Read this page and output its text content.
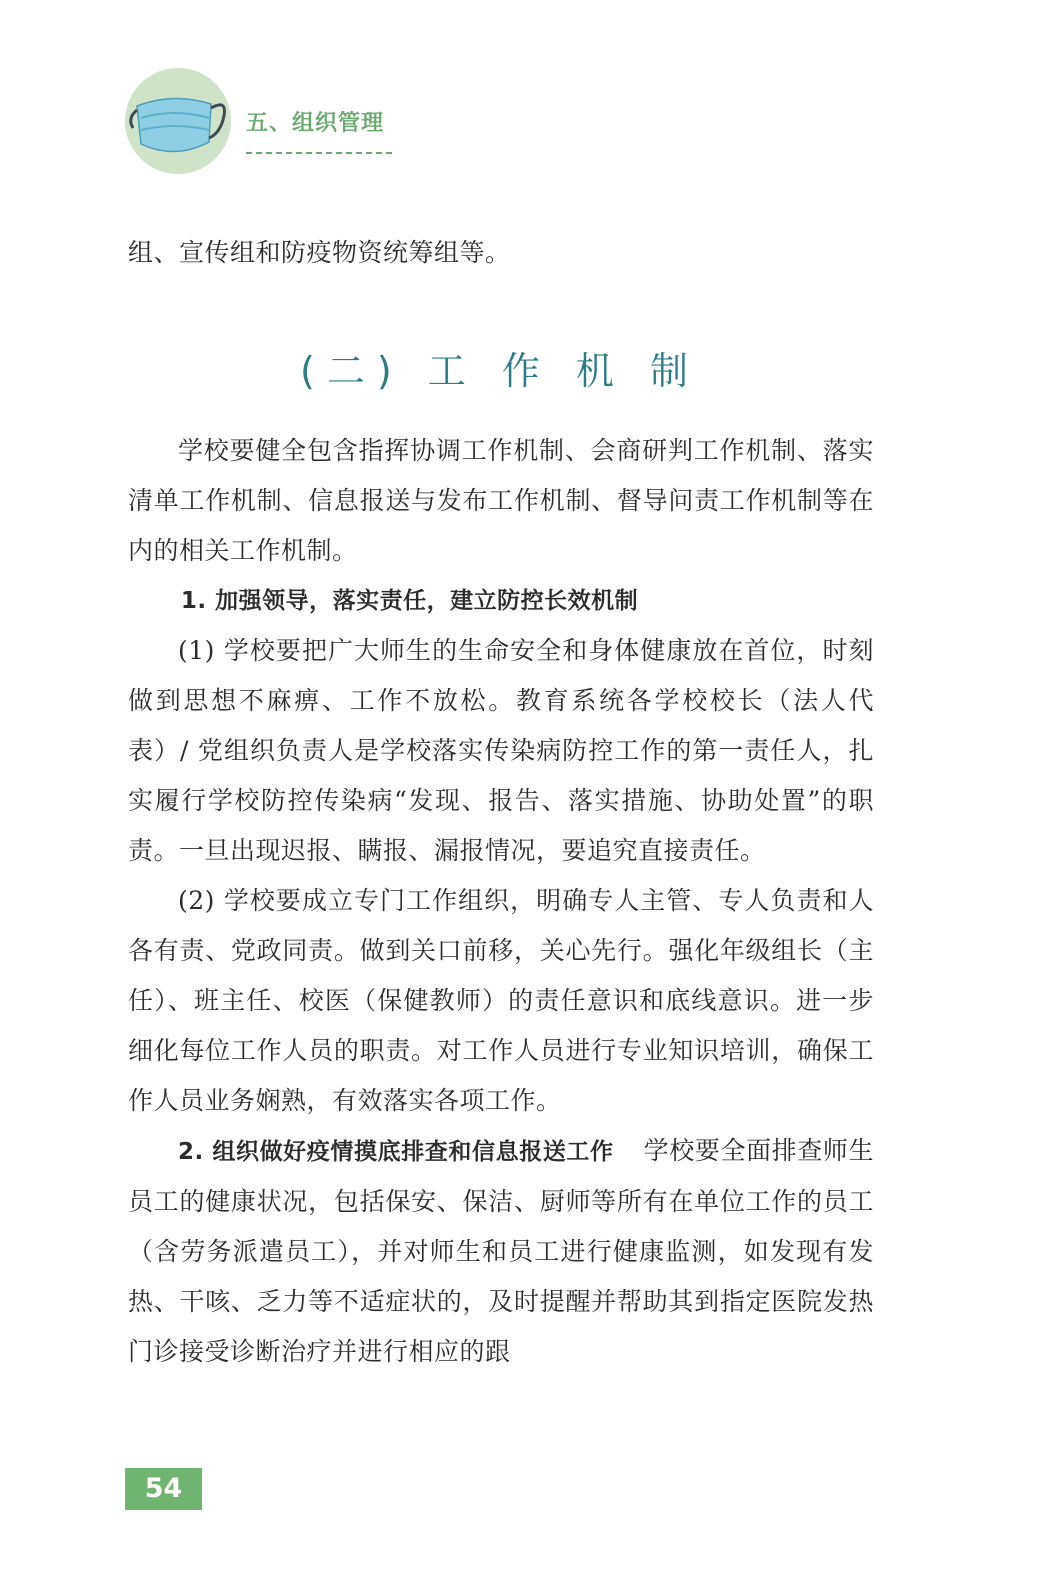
五、组织管理
组、宣传组和防疫物资统筹组等。
(二) 工 作 机 制

学校要健全包含指挥协调工作机制、会商研判工作机制、落实清单工作机制、信息报送与发布工作机制、督导问责工作机制等在内的相关工作机制。

1. 加强领导，落实责任，建立防控长效机制

(1) 学校要把广大师生的生命安全和身体健康放在首位，时刻做到思想不麻痹、工作不放松。教育系统各学校校长（法人代表）/ 党组织负责人是学校落实传染病防控工作的第一责任人，扎实履行学校防控传染病“发现、报告、落实措施、协助处置”的职责。一旦出现迟报、瞒报、漏报情况，要追究直接责任。

(2) 学校要成立专门工作组织，明确专人主管、专人负责和人各有责、党政同责。做到关口前移，关心先行。强化年级组长（主任）、班主任、校医（保健教师）的责任意识和底线意识。进一步细化每位工作人员的职责。对工作人员进行专业知识培训，确保工作人员业务娴熟，有效落实各项工作。

2. 组织做好疫情摸底排查和信息报送工作 学校要全面排查师生员工的健康状况，包括保安、保洁、厨师等所有在单位工作的员工（含劳务派遣员工），并对师生和员工进行健康监测，如发现有发热、干咳、乏力等不适症状的，及时提醒并帮助其到指定医院发热门诊接受诊断治疗并进行相应的跟

54
